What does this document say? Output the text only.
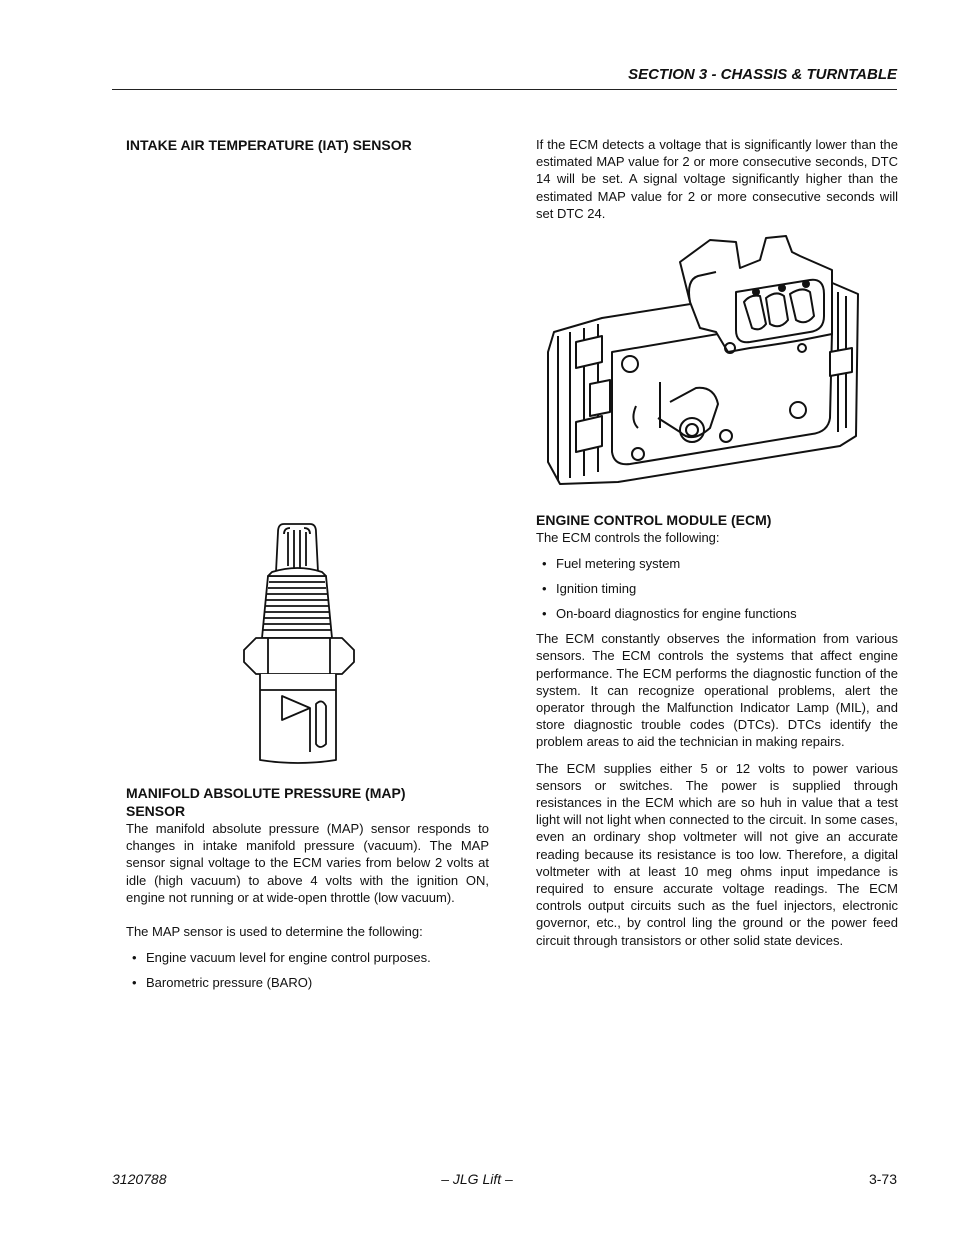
SECTION 3 - CHASSIS & TURNTABLE
INTAKE AIR TEMPERATURE (IAT) SENSOR
MANIFOLD ABSOLUTE PRESSURE (MAP)
SENSOR

The manifold absolute pressure (MAP) sensor responds to changes in intake manifold pressure (vacuum). The MAP sensor signal voltage to the ECM varies from below 2 volts at idle (high vacuum) to above 4 volts with the ignition ON, engine not running or at wide-open throttle (low vacuum).

The MAP sensor is used to determine the following:

• Engine vacuum level for engine control purposes.
• Barometric pressure (BARO)

If the ECM detects a voltage that is significantly lower than the estimated MAP value for 2 or more consecutive seconds, DTC 14 will be set. A signal voltage significantly higher than the estimated MAP value for 2 or more consecutive seconds will set DTC 24.

ENGINE CONTROL MODULE (ECM)

The ECM controls the following:

• Fuel metering system
• Ignition timing
• On-board diagnostics for engine functions

The ECM constantly observes the information from various sensors. The ECM controls the systems that affect engine performance. The ECM performs the diagnostic function of the system. It can recognize operational problems, alert the operator through the Malfunction Indicator Lamp (MIL), and store diagnostic trouble codes (DTCs). DTCs identify the problem areas to aid the technician in making repairs.

The ECM supplies either 5 or 12 volts to power various sensors or switches. The power is supplied through resistances in the ECM which are so huh in value that a test light will not light when connected to the circuit. In some cases, even an ordinary shop voltmeter will not give an accurate reading because its resistance is too low. Therefore, a digital voltmeter with at least 10 meg ohms input impedance is required to ensure accurate voltage readings. The ECM controls output circuits such as the fuel injectors, electronic governor, etc., by control ling the ground or the power feed circuit through transistors or other solid state devices.

3120788	– JLG Lift –	3-73
